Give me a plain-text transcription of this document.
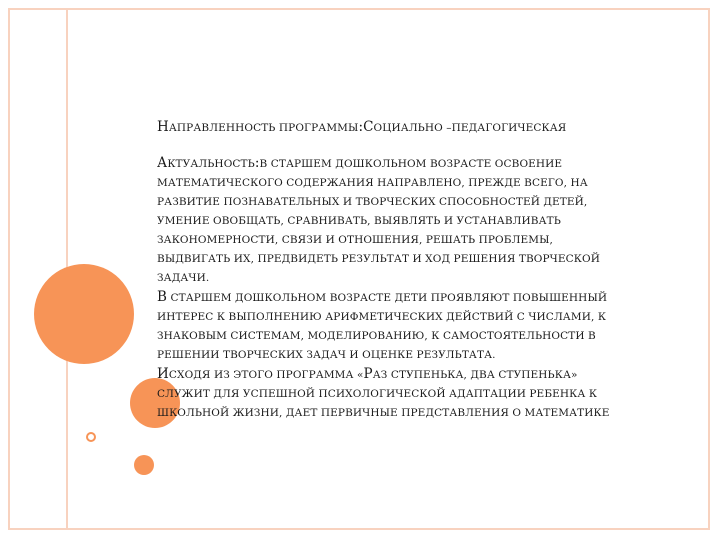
НАПРАВЛЕННОСТЬ ПРОГРАММЫ:СОЦИАЛЬНО –ПЕДАГОГИЧЕСКАЯ
АКТУАЛЬНОСТЬ:В СТАРШЕМ ДОШКОЛЬНОМ ВОЗРАСТЕ ОСВОЕНИЕ
МАТЕМАТИЧЕСКОГО СОДЕРЖАНИЯ НАПРАВЛЕНО, ПРЕЖДЕ ВСЕГО, НА
РАЗВИТИЕ ПОЗНАВАТЕЛЬНЫХ И ТВОРЧЕСКИХ СПОСОБНОСТЕЙ ДЕТЕЙ,
УМЕНИЕ ОВОБЩАТЬ, СРАВНИВАТЬ, ВЫЯВЛЯТЬ И УСТАНАВЛИВАТЬ
ЗАКОНОМЕРНОСТИ, СВЯЗИ И ОТНОШЕНИЯ, РЕШАТЬ ПРОБЛЕМЫ,
ВЫДВИГАТЬ ИХ, ПРЕДВИДЕТЬ РЕЗУЛЬТАТ И ХОД РЕШЕНИЯ ТВОРЧЕСКОЙ
ЗАДАЧИ.
В СТАРШЕМ ДОШКОЛЬНОМ ВОЗРАСТЕ ДЕТИ ПРОЯВЛЯЮТ ПОВЫШЕННЫЙ
ИНТЕРЕС К ВЫПОЛНЕНИЮ АРИФМЕТИЧЕСКИХ ДЕЙСТВИЙ С ЧИСЛАМИ, К
ЗНАКОВЫМ СИСТЕМАМ, МОДЕЛИРОВАНИЮ, К САМОСТОЯТЕЛЬНОСТИ В
РЕШЕНИИ ТВОРЧЕСКИХ ЗАДАЧ И ОЦЕНКЕ РЕЗУЛЬТАТА.
ИСХОДЯ ИЗ ЭТОГО ПРОГРАММА «РАЗ СТУПЕНЬКА, ДВА СТУПЕНЬКА»
СЛУЖИТ ДЛЯ УСПЕШНОЙ ПСИХОЛОГИЧЕСКОЙ АДАПТАЦИИ РЕБЕНКА К
ШКОЛЬНОЙ ЖИЗНИ, ДАЕТ ПЕРВИЧНЫЕ ПРЕДСТАВЛЕНИЯ О МАТЕМАТИКЕ
